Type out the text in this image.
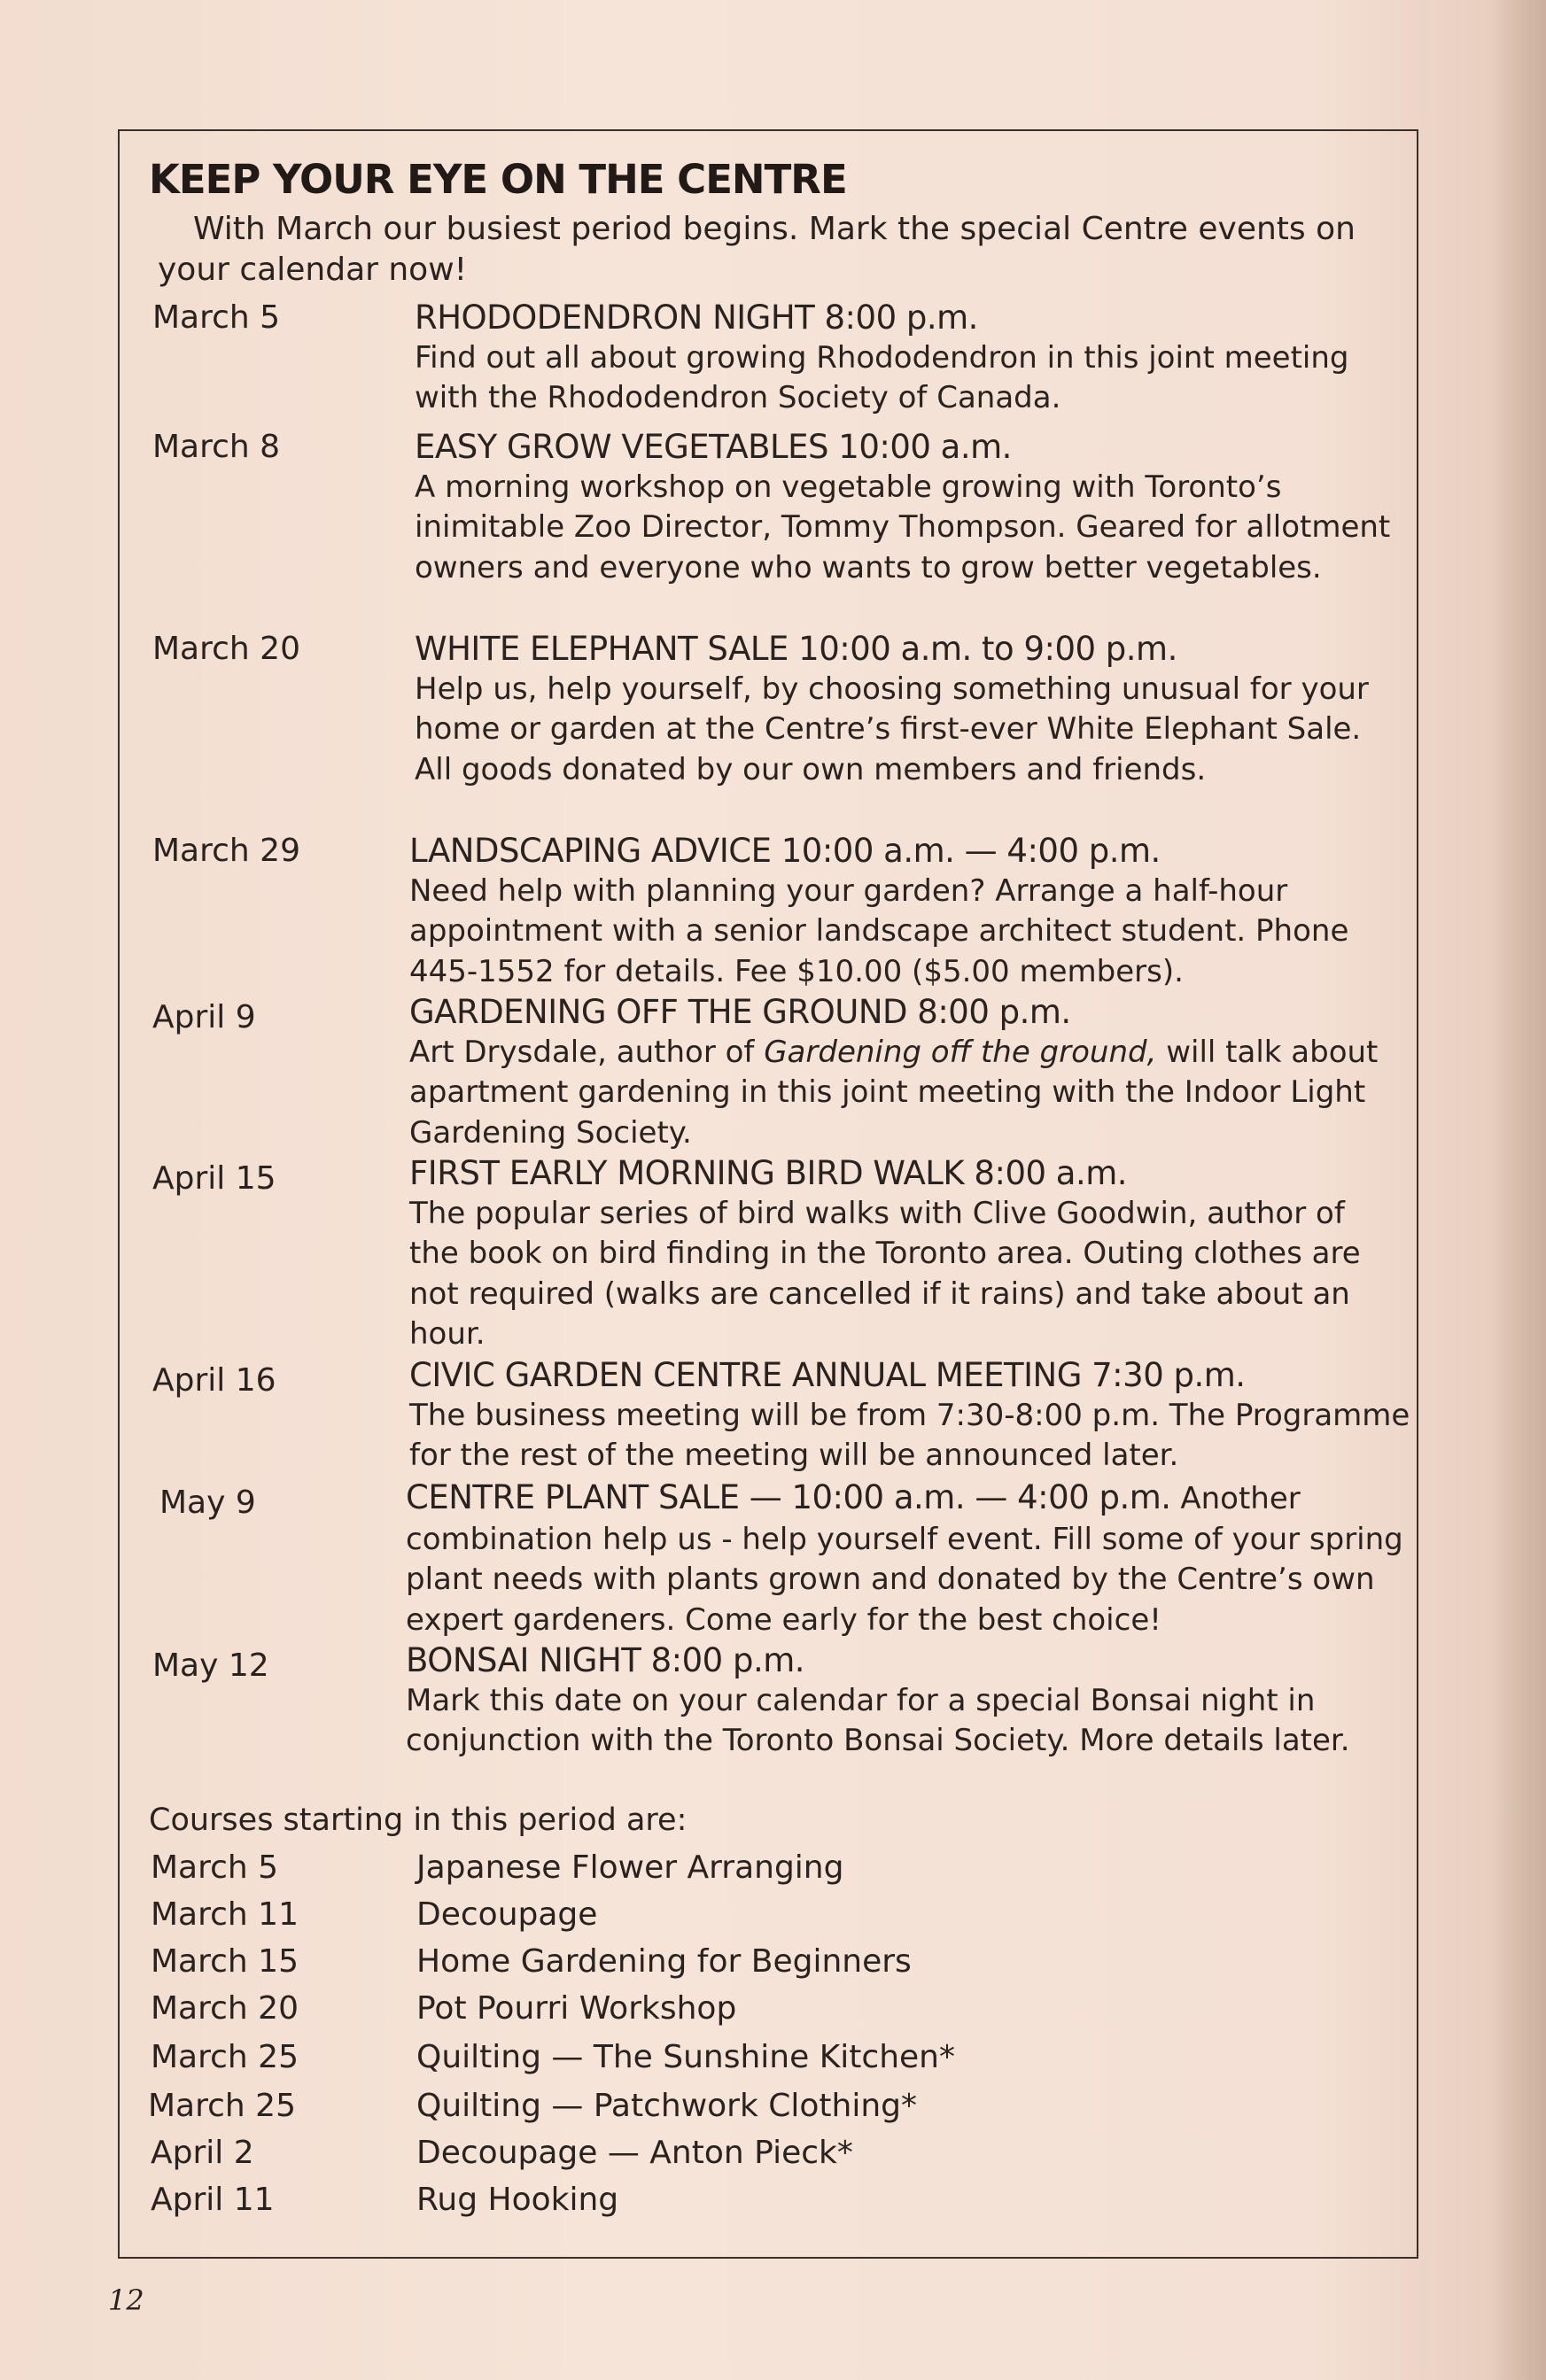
KEEP YOUR EYE ON THE CENTRE

With March our busiest period begins. Mark the special Centre events on your calendar now!

March 5	RHODODENDRON NIGHT 8:00 p.m.
Find out all about growing Rhododendron in this joint meeting with the Rhododendron Society of Canada.
March 8	EASY GROW VEGETABLES 10:00 a.m.
A morning workshop on vegetable growing with Toronto’s inimitable Zoo Director, Tommy Thompson. Geared for allotment owners and everyone who wants to grow better vegetables.
March 20	WHITE ELEPHANT SALE 10:00 a.m. to 9:00 p.m.
Help us, help yourself, by choosing something unusual for your home or garden at the Centre’s first-ever White Elephant Sale. All goods donated by our own members and friends.
March 29	LANDSCAPING ADVICE 10:00 a.m. — 4:00 p.m.
Need help with planning your garden? Arrange a half-hour appointment with a senior landscape architect student. Phone 445-1552 for details. Fee $10.00 ($5.00 members).
April 9	GARDENING OFF THE GROUND 8:00 p.m.
Art Drysdale, author of Gardening off the ground, will talk about apartment gardening in this joint meeting with the Indoor Light Gardening Society.
April 15	FIRST EARLY MORNING BIRD WALK 8:00 a.m.
The popular series of bird walks with Clive Goodwin, author of the book on bird finding in the Toronto area. Outing clothes are not required (walks are cancelled if it rains) and take about an hour.
April 16	CIVIC GARDEN CENTRE ANNUAL MEETING 7:30 p.m.
The business meeting will be from 7:30-8:00 p.m. The Programme for the rest of the meeting will be announced later.
May 9	CENTRE PLANT SALE — 10:00 a.m. — 4:00 p.m. Another combination help us - help yourself event. Fill some of your spring plant needs with plants grown and donated by the Centre’s own expert gardeners. Come early for the best choice!
May 12	BONSAI NIGHT 8:00 p.m.
Mark this date on your calendar for a special Bonsai night in conjunction with the Toronto Bonsai Society. More details later.
Courses starting in this period are:
March 5	Japanese Flower Arranging
March 11	Decoupage
March 15	Home Gardening for Beginners
March 20	Pot Pourri Workshop
March 25	Quilting — The Sunshine Kitchen*
March 25	Quilting — Patchwork Clothing*
April 2	Decoupage — Anton Pieck*
April 11	Rug Hooking
12
